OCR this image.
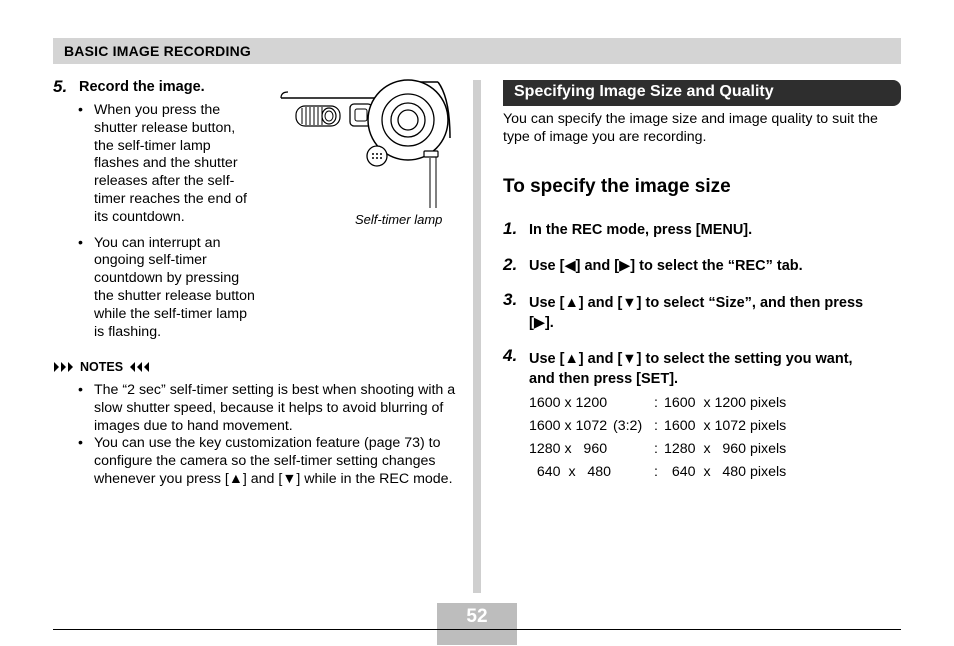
BASIC IMAGE RECORDING
5. Record the image.
• When you press the shutter release button, the self-timer lamp flashes and the shutter releases after the self-timer reaches the end of its countdown.
• You can interrupt an ongoing self-timer countdown by pressing the shutter release button while the self-timer lamp is flashing.
Self-timer lamp
NOTES
• The “2 sec” self-timer setting is best when shooting with a slow shutter speed, because it helps to avoid blurring of images due to hand movement.
• You can use the key customization feature (page 73) to configure the camera so the self-timer setting changes whenever you press [▲] and [▼] while in the REC mode.
Specifying Image Size and Quality
You can specify the image size and image quality to suit the type of image you are recording.
To specify the image size
1. In the REC mode, press [MENU].
2. Use [◀] and [▶] to select the “REC” tab.
3. Use [▲] and [▼] to select “Size”, and then press [▶].
4. Use [▲] and [▼] to select the setting you want, and then press [SET].
1600 x 1200		:	1600  x 1200 pixels
1600 x 1072	(3:2)	:	1600  x 1072 pixels
1280 x   960		:	1280  x   960 pixels
640  x   480		:	640  x   480 pixels
52
